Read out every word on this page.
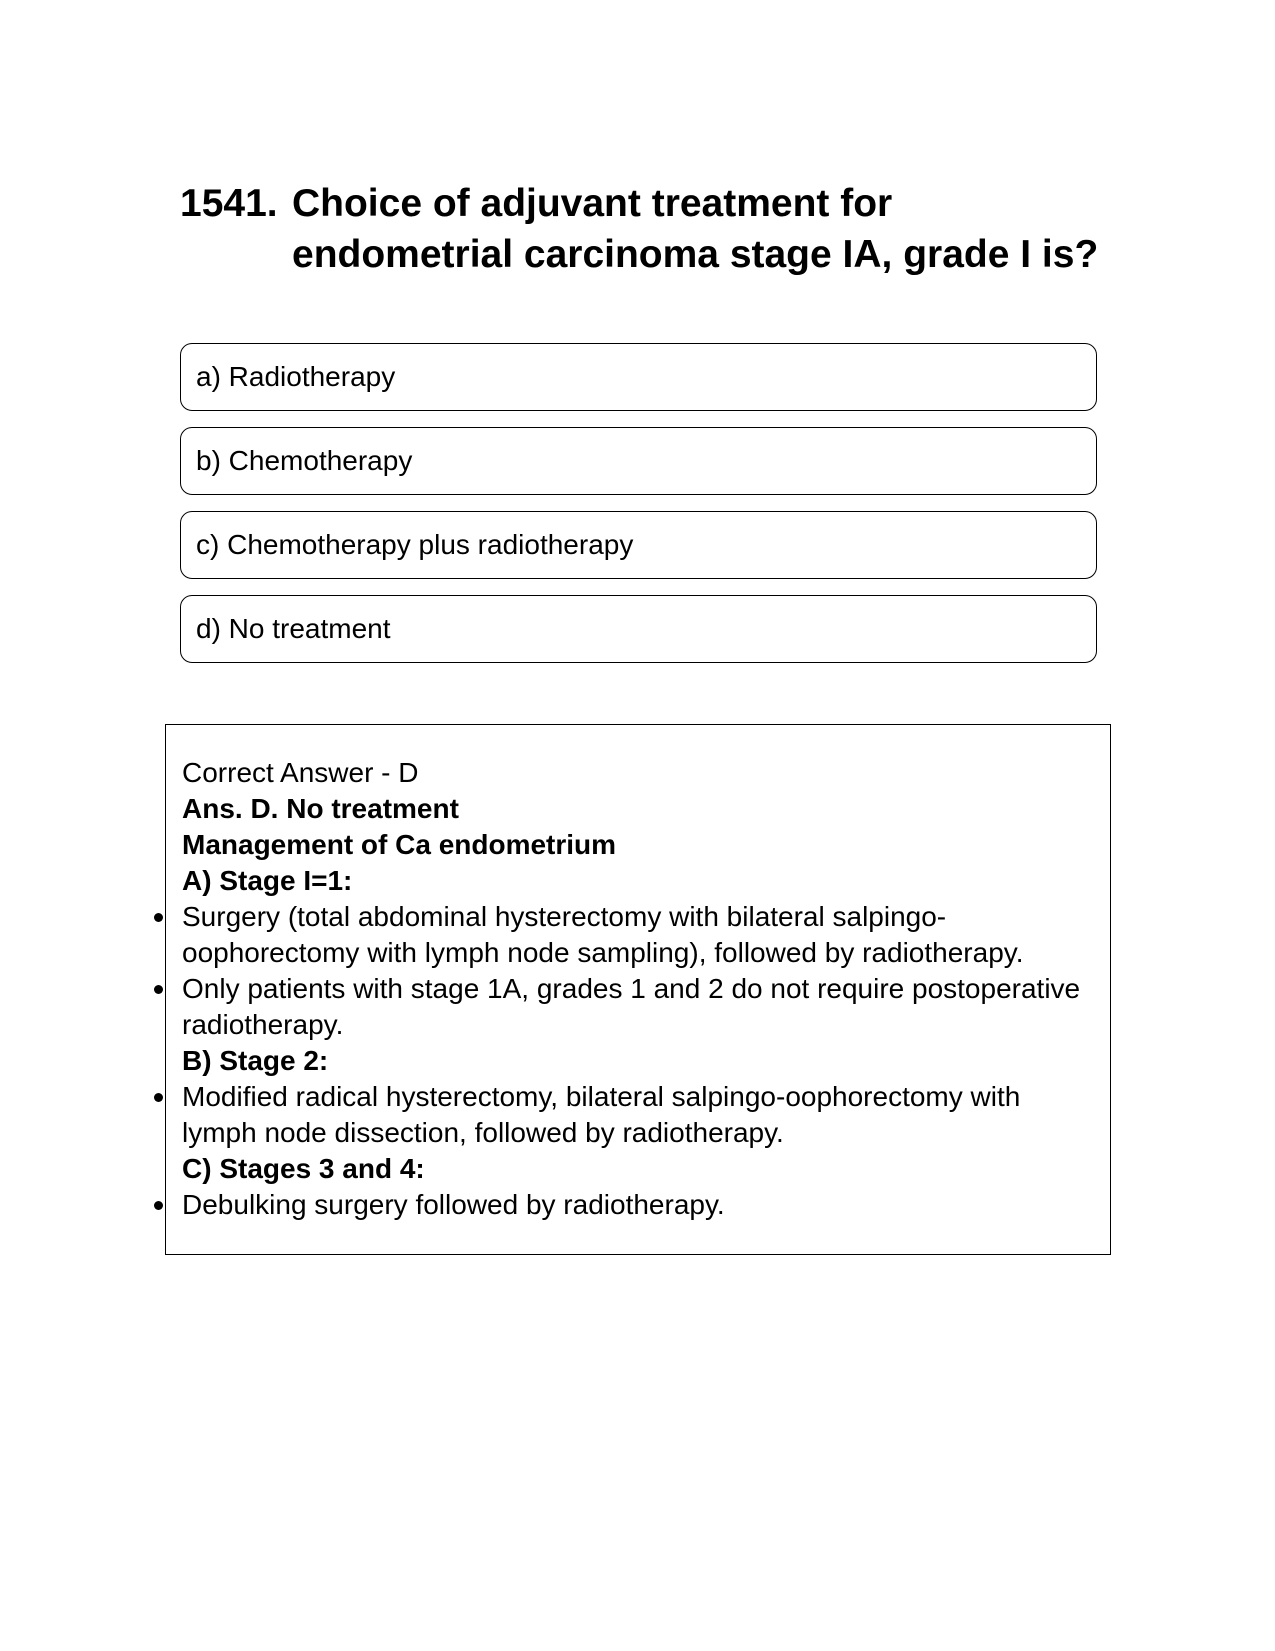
1541. Choice of adjuvant treatment for endometrial carcinoma stage IA, grade I is?
a) Radiotherapy
b) Chemotherapy
c) Chemotherapy plus radiotherapy
d) No treatment
Correct Answer - D
Ans. D. No treatment
Management of Ca endometrium
A) Stage I=1:
Surgery (total abdominal hysterectomy with bilateral salpingo-oophorectomy with lymph node sampling), followed by radiotherapy.
Only patients with stage 1A, grades 1 and 2 do not require postoperative radiotherapy.
B) Stage 2:
Modified radical hysterectomy, bilateral salpingo-oophorectomy with lymph node dissection, followed by radiotherapy.
C) Stages 3 and 4:
Debulking surgery followed by radiotherapy.
